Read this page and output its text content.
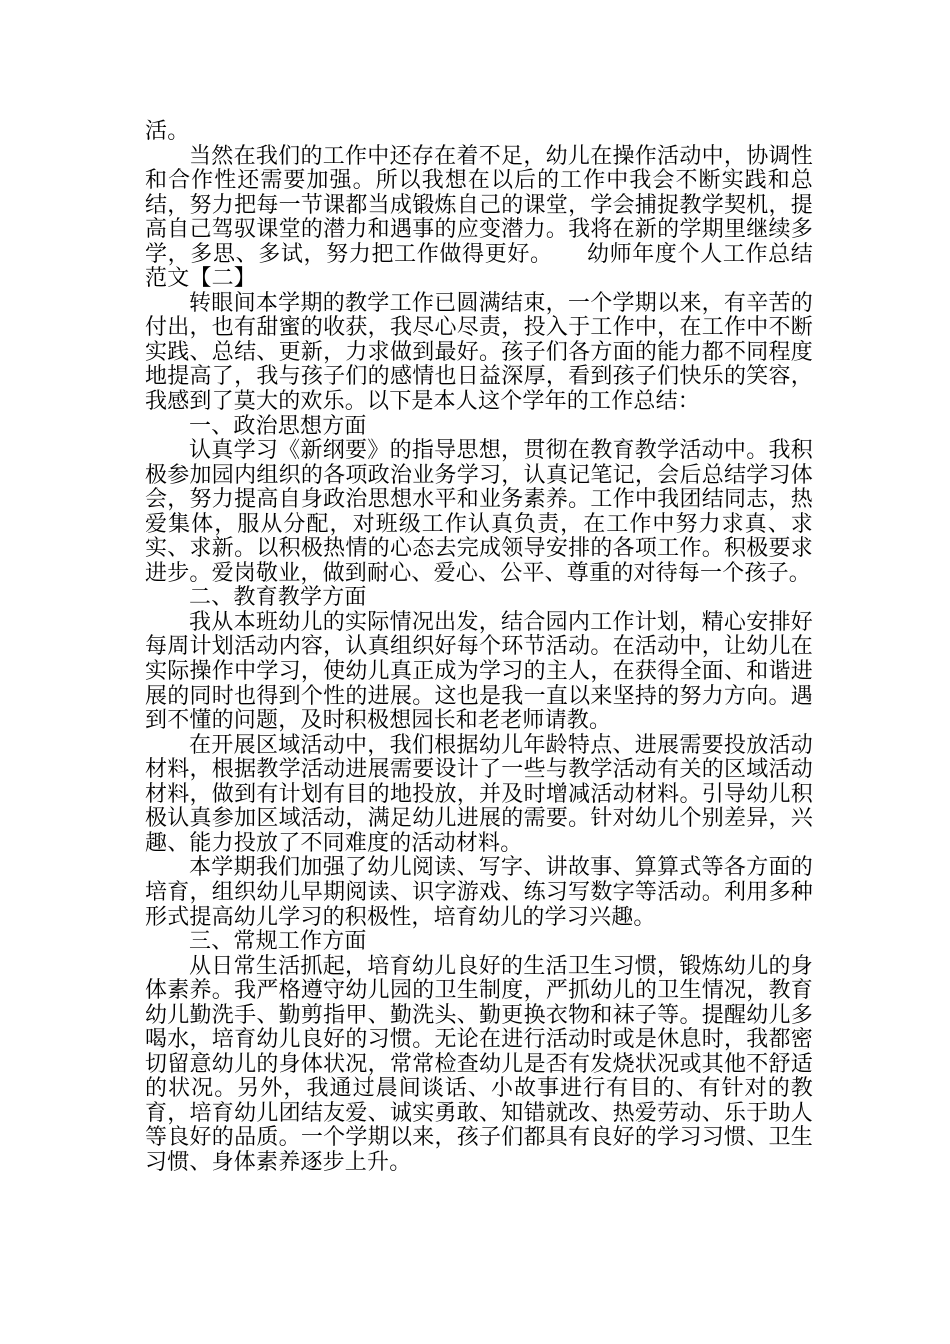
活。

当然在我们的工作中还存在着不足，幼儿在操作活动中，协调性和合作性还需要加强。所以我想在以后的工作中我会不断实践和总结，努力把每一节课都当成锻炼自己的课堂，学会捕捉教学契机，提高自己驾驭课堂的潜力和遇事的应变潜力。我将在新的学期里继续多学，多思、多试，努力把工作做得更好。　　幼师年度个人工作总结范文【二】

转眼间本学期的教学工作已圆满结束，一个学期以来，有辛苦的付出，也有甜蜜的收获，我尽心尽责，投入于工作中，在工作中不断实践、总结、更新，力求做到最好。孩子们各方面的能力都不同程度地提高了，我与孩子们的感情也日益深厚，看到孩子们快乐的笑容，我感到了莫大的欢乐。以下是本人这个学年的工作总结：

一、政治思想方面

认真学习《新纲要》的指导思想，贯彻在教育教学活动中。我积极参加园内组织的各项政治业务学习，认真记笔记，会后总结学习体会，努力提高自身政治思想水平和业务素养。工作中我团结同志，热爱集体，服从分配，对班级工作认真负责，在工作中努力求真、求实、求新。以积极热情的心态去完成领导安排的各项工作。积极要求进步。爱岗敬业，做到耐心、爱心、公平、尊重的对待每一个孩子。

二、教育教学方面

我从本班幼儿的实际情况出发，结合园内工作计划，精心安排好每周计划活动内容，认真组织好每个环节活动。在活动中，让幼儿在实际操作中学习，使幼儿真正成为学习的主人，在获得全面、和谐进展的同时也得到个性的进展。这也是我一直以来坚持的努力方向。遇到不懂的问题，及时积极想园长和老老师请教。

在开展区域活动中，我们根据幼儿年龄特点、进展需要投放活动材料，根据教学活动进展需要设计了一些与教学活动有关的区域活动材料，做到有计划有目的地投放，并及时增减活动材料。引导幼儿积极认真参加区域活动，满足幼儿进展的需要。针对幼儿个别差异，兴趣、能力投放了不同难度的活动材料。

本学期我们加强了幼儿阅读、写字、讲故事、算算式等各方面的培育，组织幼儿早期阅读、识字游戏、练习写数字等活动。利用多种形式提高幼儿学习的积极性，培育幼儿的学习兴趣。

三、常规工作方面

从日常生活抓起，培育幼儿良好的生活卫生习惯，锻炼幼儿的身体素养。我严格遵守幼儿园的卫生制度，严抓幼儿的卫生情况，教育幼儿勤洗手、勤剪指甲、勤洗头、勤更换衣物和袜子等。提醒幼儿多喝水，培育幼儿良好的习惯。无论在进行活动时或是休息时，我都密切留意幼儿的身体状况，常常检查幼儿是否有发烧状况或其他不舒适的状况。另外，我通过晨间谈话、小故事进行有目的、有针对的教育，培育幼儿团结友爱、诚实勇敢、知错就改、热爱劳动、乐于助人等良好的品质。一个学期以来，孩子们都具有良好的学习习惯、卫生习惯、身体素养逐步上升。
